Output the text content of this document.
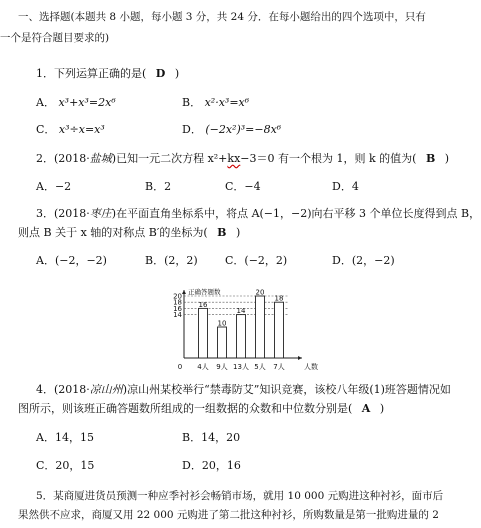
一、选择题(本题共 8 小题，每小题 3 分，共 24 分．在每小题给出的四个选项中，只有
一个是符合题目要求的)
1．下列运算正确的是( D )
A． x³+x³=2x⁶	B． x²·x³=x⁶
C． x³÷x=x³	D． (−2x²)³=−8x⁶
2．(2018·盐城)已知一元二次方程 x²+kx−3＝0 有一个根为 1，则 k 的值为( B )
A．−2	B．2	C．−4	D．4
3．(2018·枣庄)在平面直角坐标系中，将点 A(−1，−2)向右平移 3 个单位长度得到点 B，
则点 B 关于 x 轴的对称点 B′的坐标为( B )
A．(−2，−2)	B．(2，2) C．(−2，2)	D．(2，−2)
正确答题数
人数
14
16
18
20
0 4人
16
9人
10
13人
14
5人
20
7人
18
4．(2018·凉山州)凉山州某校举行“禁毒防艾”知识竞赛，该校八年级(1)班答题情况如
图所示，则该班正确答题数所组成的一组数据的众数和中位数分别是( A )
A．14，15	B．14，20
C．20，15	D．20，16
5．某商厦进货员预测一种应季衬衫会畅销市场，就用 10 000 元购进这种衬衫，面市后
果然供不应求，商厦又用 22 000 元购进了第二批这种衬衫，所购数量是第一批购进量的 2
